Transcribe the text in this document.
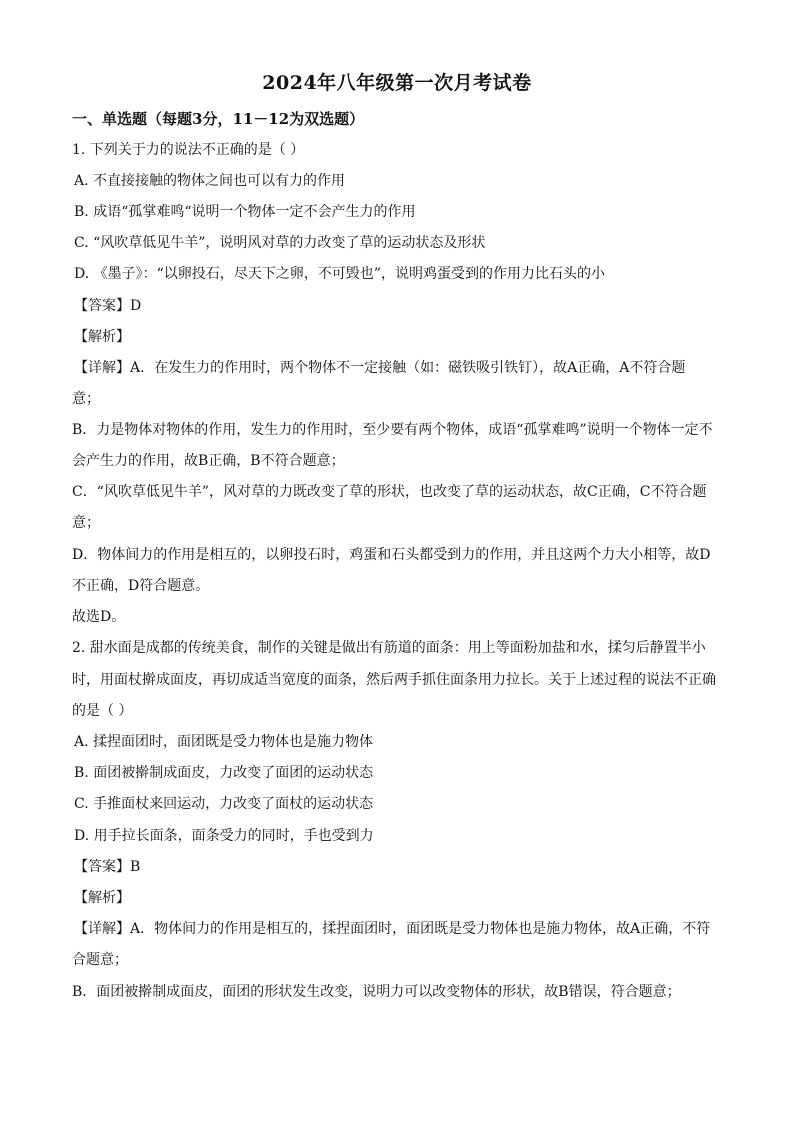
2024年八年级第一次月考试卷
一、单选题（每题3分，11－12为双选题）
1. 下列关于力的说法不正确的是（ ）
A. 不直接接触的物体之间也可以有力的作用
B. 成语“孤掌难鸣“说明一个物体一定不会产生力的作用
C. “风吹草低见牛羊”，说明风对草的力改变了草的运动状态及形状
D. 《墨子》：“以卵投石，尽天下之卵，不可毁也”，说明鸡蛋受到的作用力比石头的小
【答案】D
【解析】
【详解】A．在发生力的作用时，两个物体不一定接触（如：磁铁吸引铁钉），故A正确，A不符合题
意；
B．力是物体对物体的作用，发生力的作用时，至少要有两个物体，成语“孤掌难鸣”说明一个物体一定不
会产生力的作用，故B正确，B不符合题意；
C．“风吹草低见牛羊”，风对草的力既改变了草的形状，也改变了草的运动状态，故C正确，C不符合题
意；
D．物体间力的作用是相互的，以卵投石时，鸡蛋和石头都受到力的作用，并且这两个力大小相等，故D
不正确，D符合题意。
故选D。
2. 甜水面是成都的传统美食，制作的关键是做出有筋道的面条：用上等面粉加盐和水，揉匀后静置半小
时，用面杖擀成面皮，再切成适当宽度的面条，然后两手抓住面条用力拉长。关于上述过程的说法不正确
的是（ ）
A. 揉捏面团时，面团既是受力物体也是施力物体
B. 面团被擀制成面皮，力改变了面团的运动状态
C. 手推面杖来回运动，力改变了面杖的运动状态
D. 用手拉长面条，面条受力的同时，手也受到力
【答案】B
【解析】
【详解】A．物体间力的作用是相互的，揉捏面团时，面团既是受力物体也是施力物体，故A正确，不符
合题意；
B．面团被擀制成面皮，面团的形状发生改变，说明力可以改变物体的形状，故B错误，符合题意；
